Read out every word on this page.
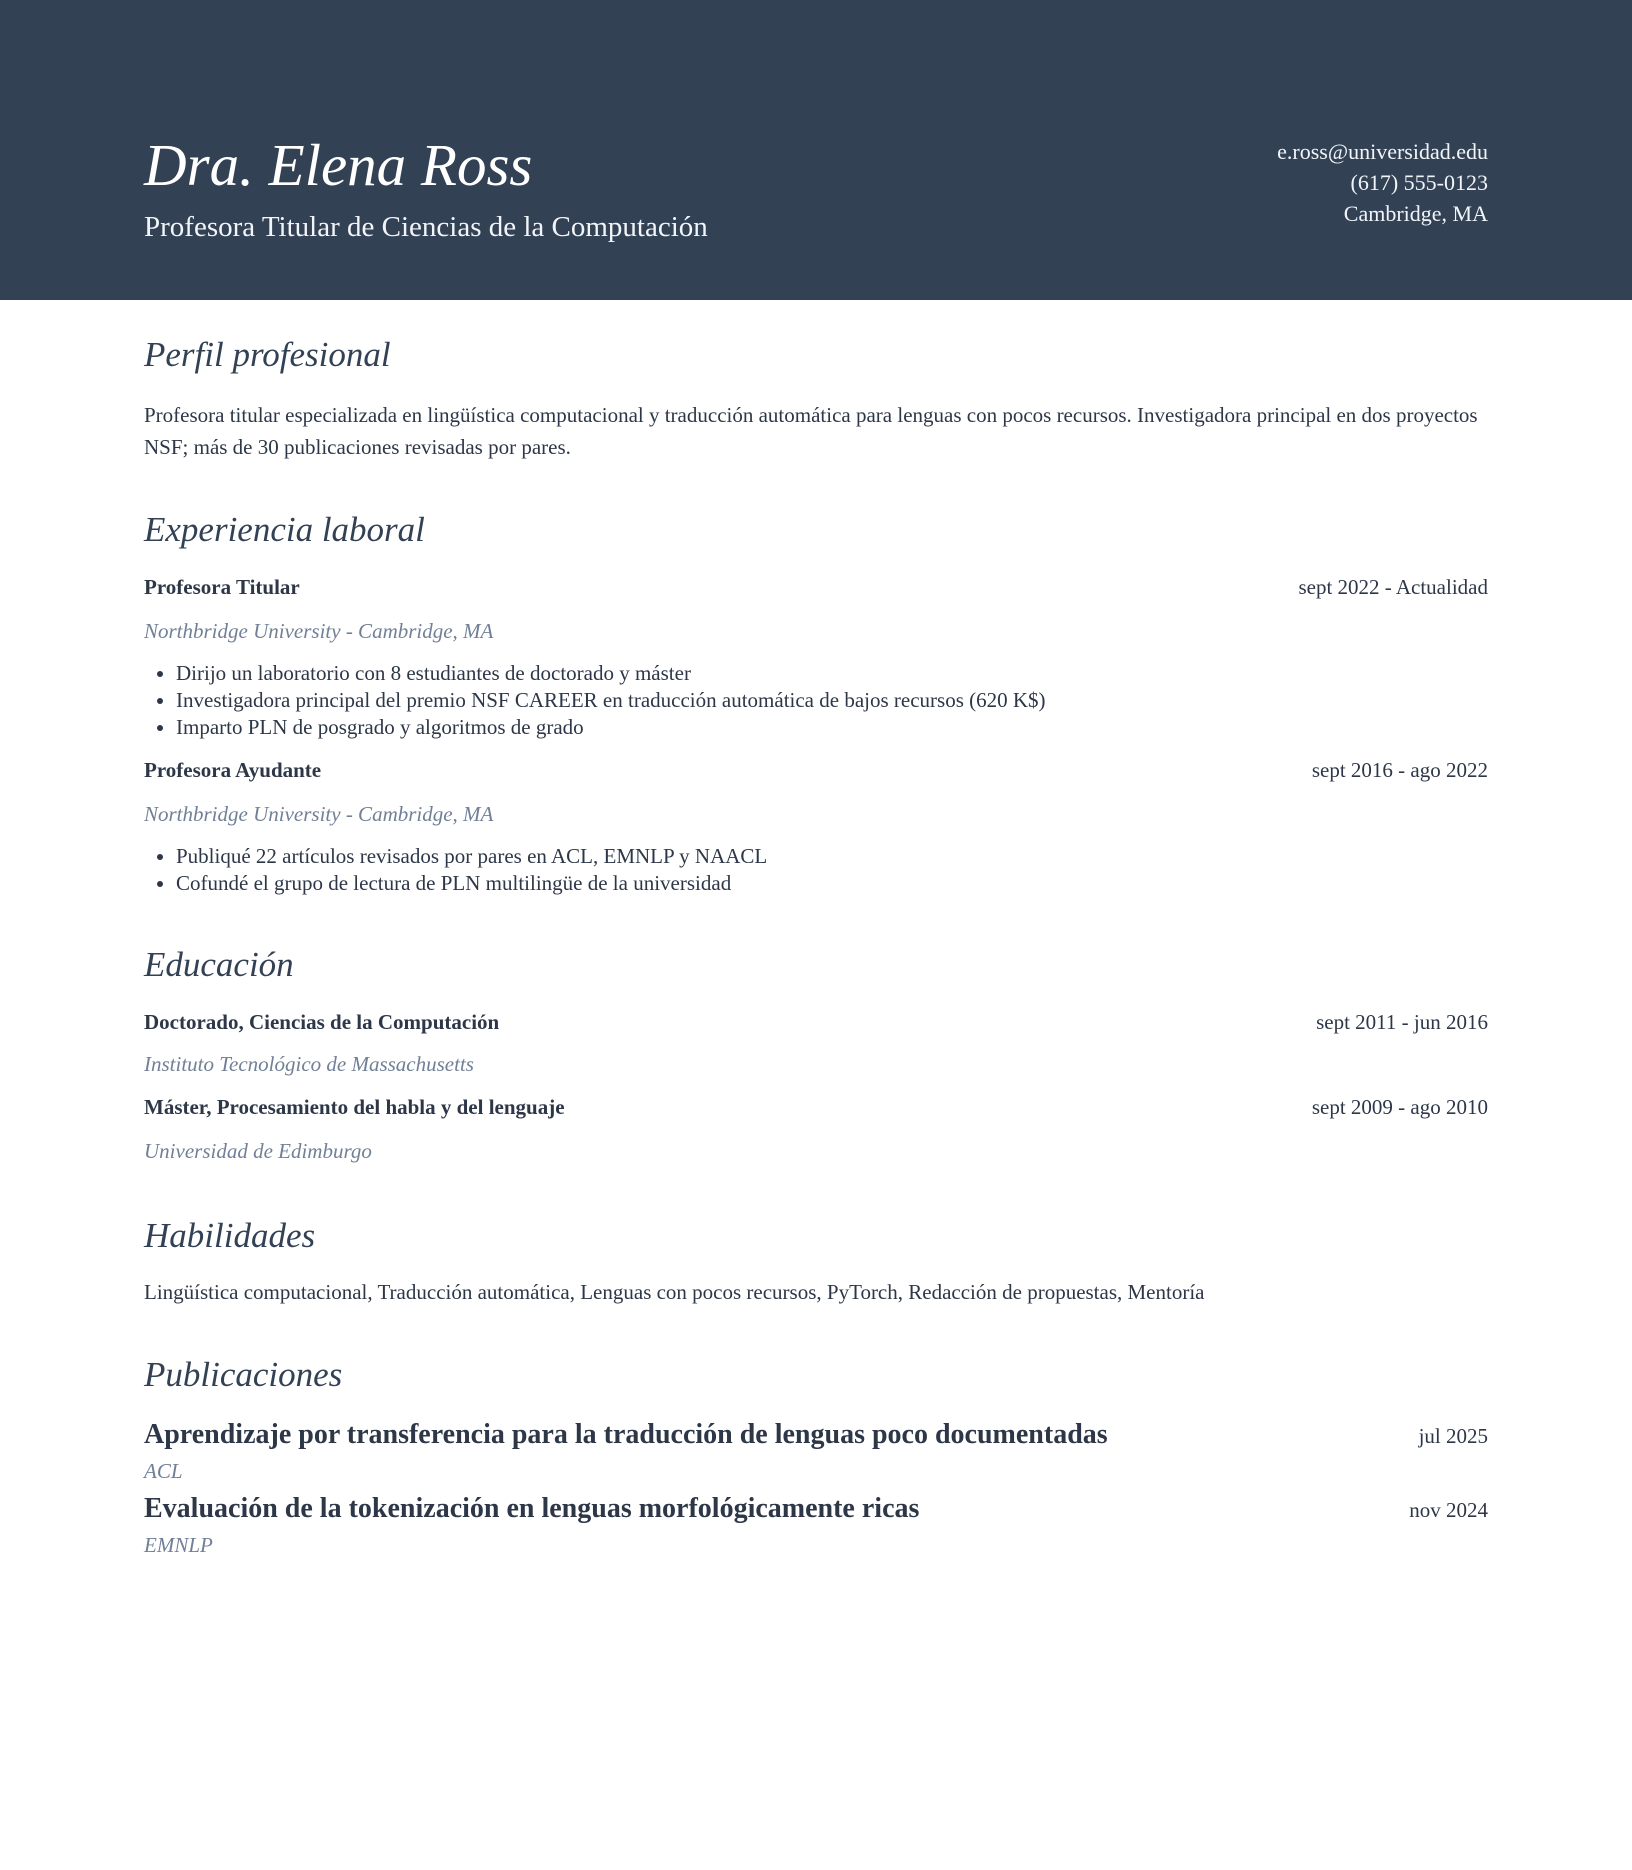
Dra. Elena Ross
Profesora Titular de Ciencias de la Computación
e.ross@universidad.edu
(617) 555-0123
Cambridge, MA
Perfil profesional
Profesora titular especializada en lingüística computacional y traducción automática para lenguas con pocos recursos. Investigadora principal en dos proyectos NSF; más de 30 publicaciones revisadas por pares.
Experiencia laboral
Profesora Titular	sept 2022 - Actualidad
Northbridge University - Cambridge, MA
• Dirijo un laboratorio con 8 estudiantes de doctorado y máster
• Investigadora principal del premio NSF CAREER en traducción automática de bajos recursos (620 K$)
• Imparto PLN de posgrado y algoritmos de grado
Profesora Ayudante	sept 2016 - ago 2022
Northbridge University - Cambridge, MA
• Publiqué 22 artículos revisados por pares en ACL, EMNLP y NAACL
• Cofundé el grupo de lectura de PLN multilingüe de la universidad
Educación
Doctorado, Ciencias de la Computación	sept 2011 - jun 2016
Instituto Tecnológico de Massachusetts
Máster, Procesamiento del habla y del lenguaje	sept 2009 - ago 2010
Universidad de Edimburgo
Habilidades
Lingüística computacional, Traducción automática, Lenguas con pocos recursos, PyTorch, Redacción de propuestas, Mentoría
Publicaciones
Aprendizaje por transferencia para la traducción de lenguas poco documentadas	jul 2025
ACL
Evaluación de la tokenización en lenguas morfológicamente ricas	nov 2024
EMNLP
